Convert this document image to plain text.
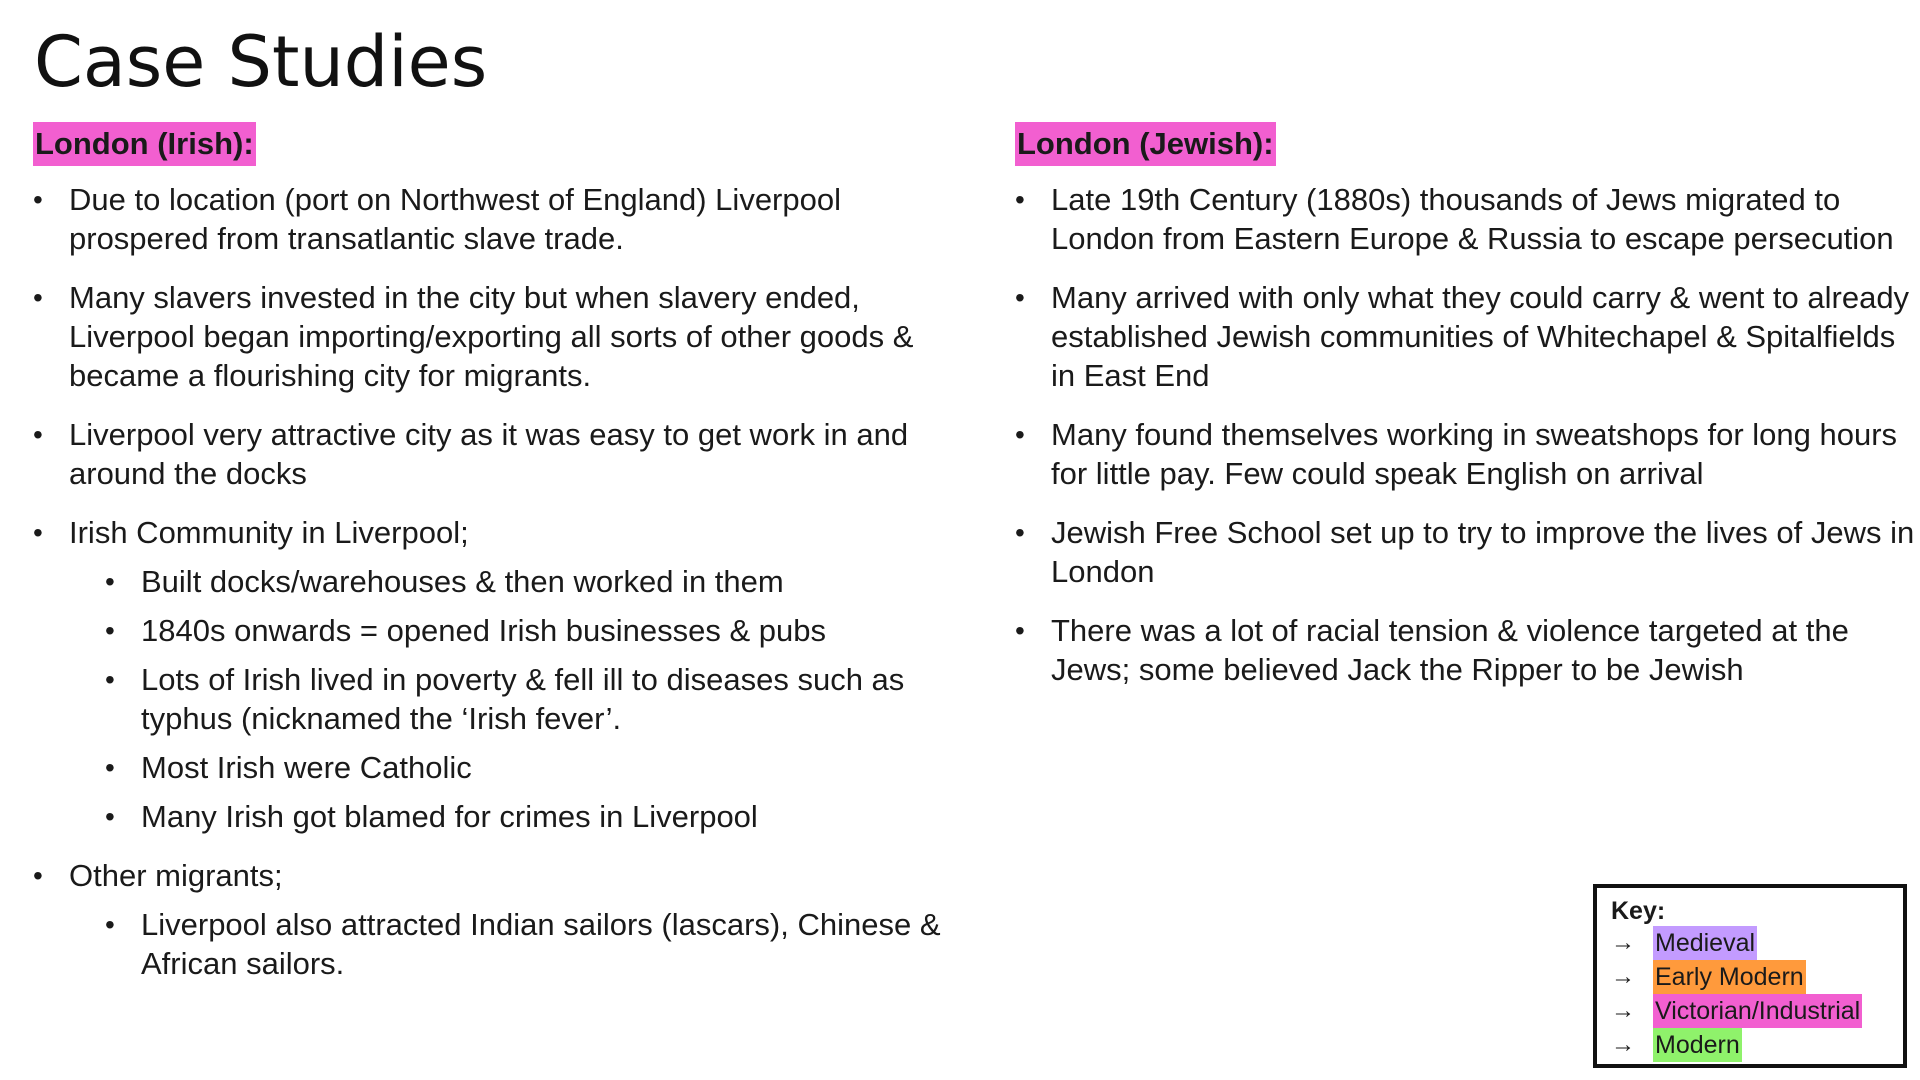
Case Studies
London (Irish):
• Due to location (port on Northwest of England) Liverpool prospered from transatlantic slave trade.
• Many slavers invested in the city but when slavery ended, Liverpool began importing/exporting all sorts of other goods & became a flourishing city for migrants.
• Liverpool very attractive city as it was easy to get work in and around the docks
• Irish Community in Liverpool;
• Built docks/warehouses & then worked in them
• 1840s onwards = opened Irish businesses & pubs
• Lots of Irish lived in poverty & fell ill to diseases such as typhus (nicknamed the ‘Irish fever’.
• Most Irish were Catholic
• Many Irish got blamed for crimes in Liverpool
• Other migrants;
• Liverpool also attracted Indian sailors (lascars), Chinese & African sailors.
London (Jewish):
• Late 19th Century (1880s) thousands of Jews migrated to London from Eastern Europe & Russia to escape persecution
• Many arrived with only what they could carry & went to already established Jewish communities of Whitechapel & Spitalfields in East End
• Many found themselves working in sweatshops for long hours for little pay. Few could speak English on arrival
• Jewish Free School set up to try to improve the lives of Jews in London
• There was a lot of racial tension & violence targeted at the Jews; some believed Jack the Ripper to be Jewish
Key:
→ Medieval
→ Early Modern
→ Victorian/Industrial
→ Modern
